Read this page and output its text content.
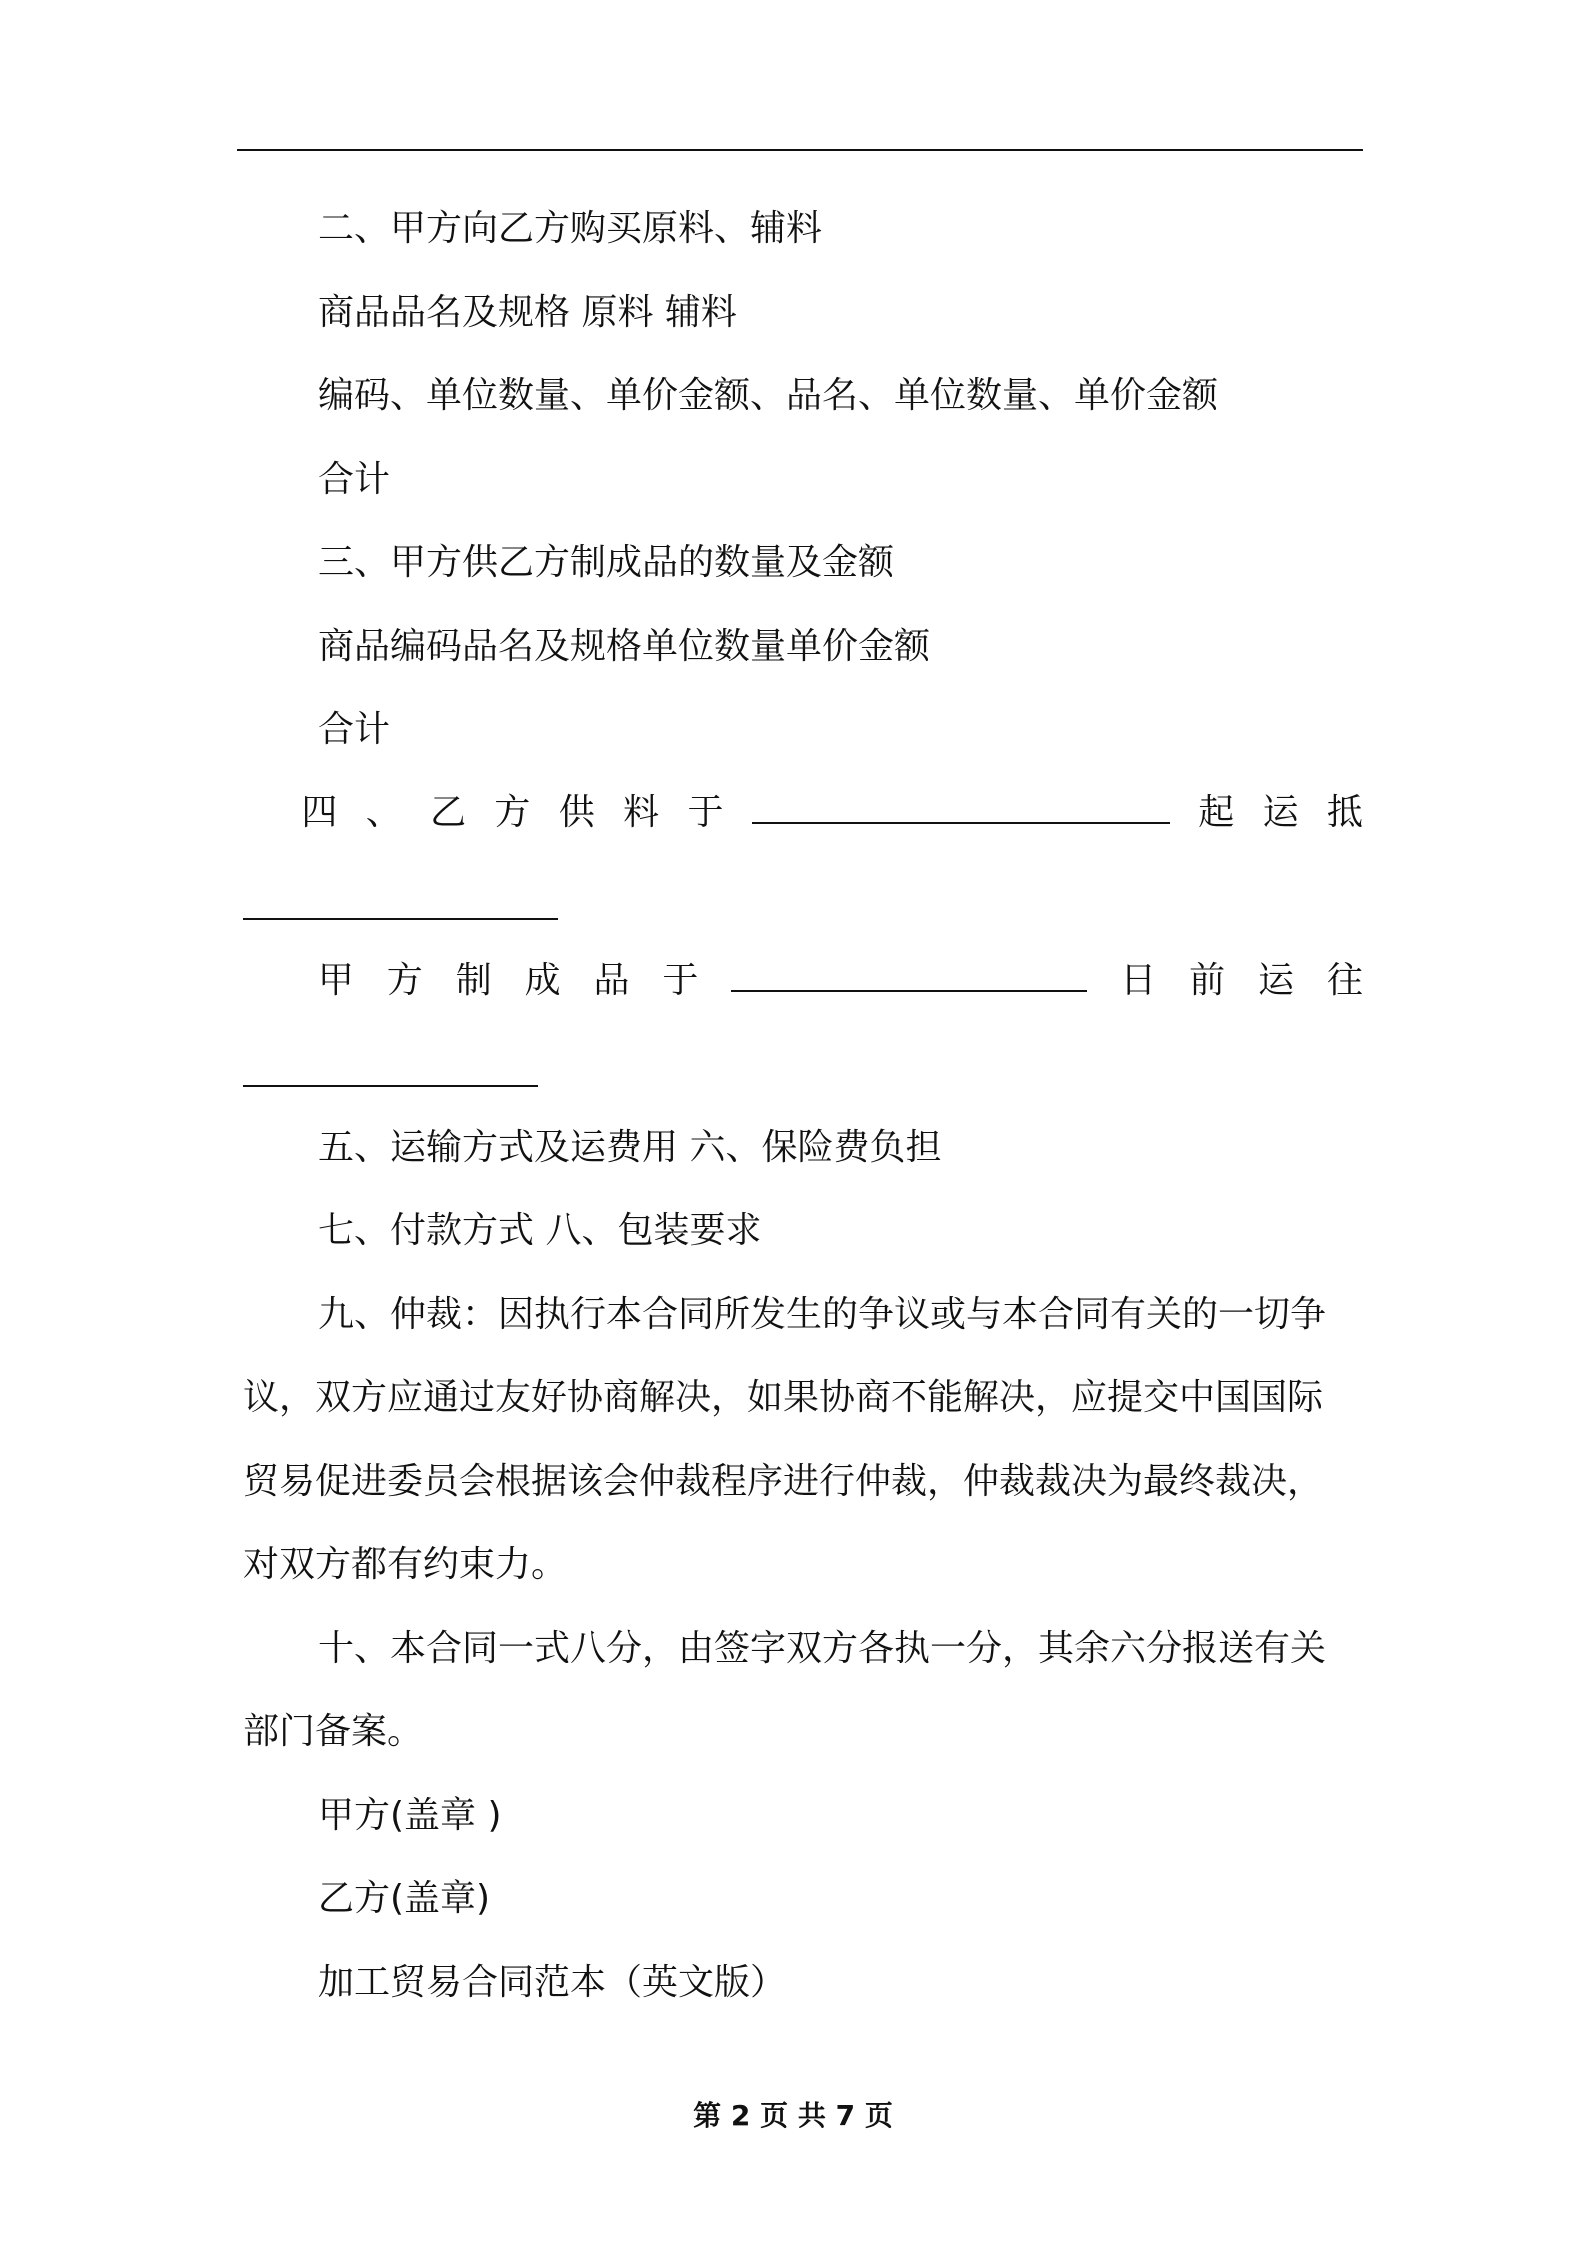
二、甲方向乙方购买原料、辅料
商品品名及规格 原料 辅料
编码、单位数量、单价金额、品名、单位数量、单价金额
合计
三、甲方供乙方制成品的数量及金额
商品编码品名及规格单位数量单价金额
合计
四 、 乙 方 供 料 于	起 运 抵
甲 方 制 成 品 于	日 前 运 往
五、运输方式及运费用 六、保险费负担
七、付款方式 八、包装要求
九、仲裁：因执行本合同所发生的争议或与本合同有关的一切争
议，双方应通过友好协商解决，如果协商不能解决，应提交中国国际
贸易促进委员会根据该会仲裁程序进行仲裁，仲裁裁决为最终裁决，
对双方都有约束力。
十、本合同一式八分，由签字双方各执一分，其余六分报送有关
部门备案。
甲方(盖章 )
乙方(盖章)
加工贸易合同范本（英文版）
第 2 页 共 7 页
